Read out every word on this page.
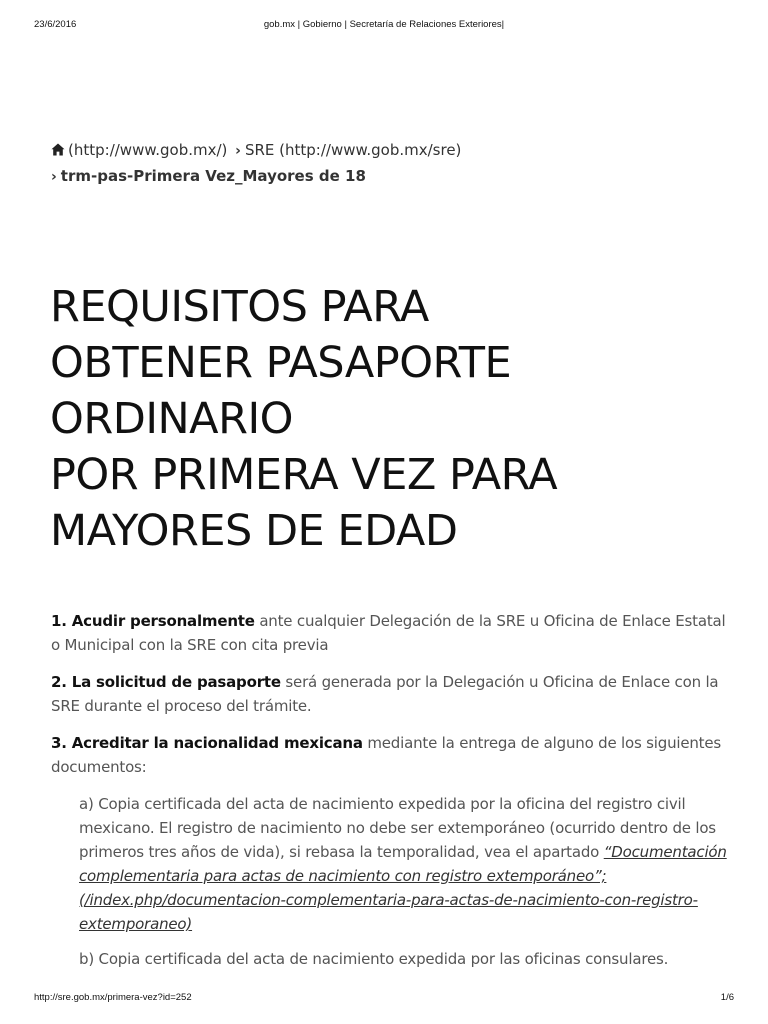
23/6/2016	gob.mx | Gobierno | Secretaría de Relaciones Exteriores|
(http://www.gob.mx/) › SRE (http://www.gob.mx/sre)
› trm-pas-Primera Vez_Mayores de 18
REQUISITOS PARA
OBTENER PASAPORTE
ORDINARIO
POR PRIMERA VEZ PARA
MAYORES DE EDAD

1. Acudir personalmente ante cualquier Delegación de la SRE u Oficina de Enlace Estatal o Municipal con la SRE con cita previa

2. La solicitud de pasaporte será generada por la Delegación u Oficina de Enlace con la SRE durante el proceso del trámite.

3. Acreditar la nacionalidad mexicana mediante la entrega de alguno de los siguientes documentos:

a) Copia certificada del acta de nacimiento expedida por la oficina del registro civil mexicano. El registro de nacimiento no debe ser extemporáneo (ocurrido dentro de los primeros tres años de vida), si rebasa la temporalidad, vea el apartado “Documentación complementaria para actas de nacimiento con registro extemporáneo”; (/index.php/documentacion-complementaria-para-actas-de-nacimiento-con-registro-extemporaneo)

b) Copia certificada del acta de nacimiento expedida por las oficinas consulares.

http://sre.gob.mx/primera-vez?id=252	1/6
